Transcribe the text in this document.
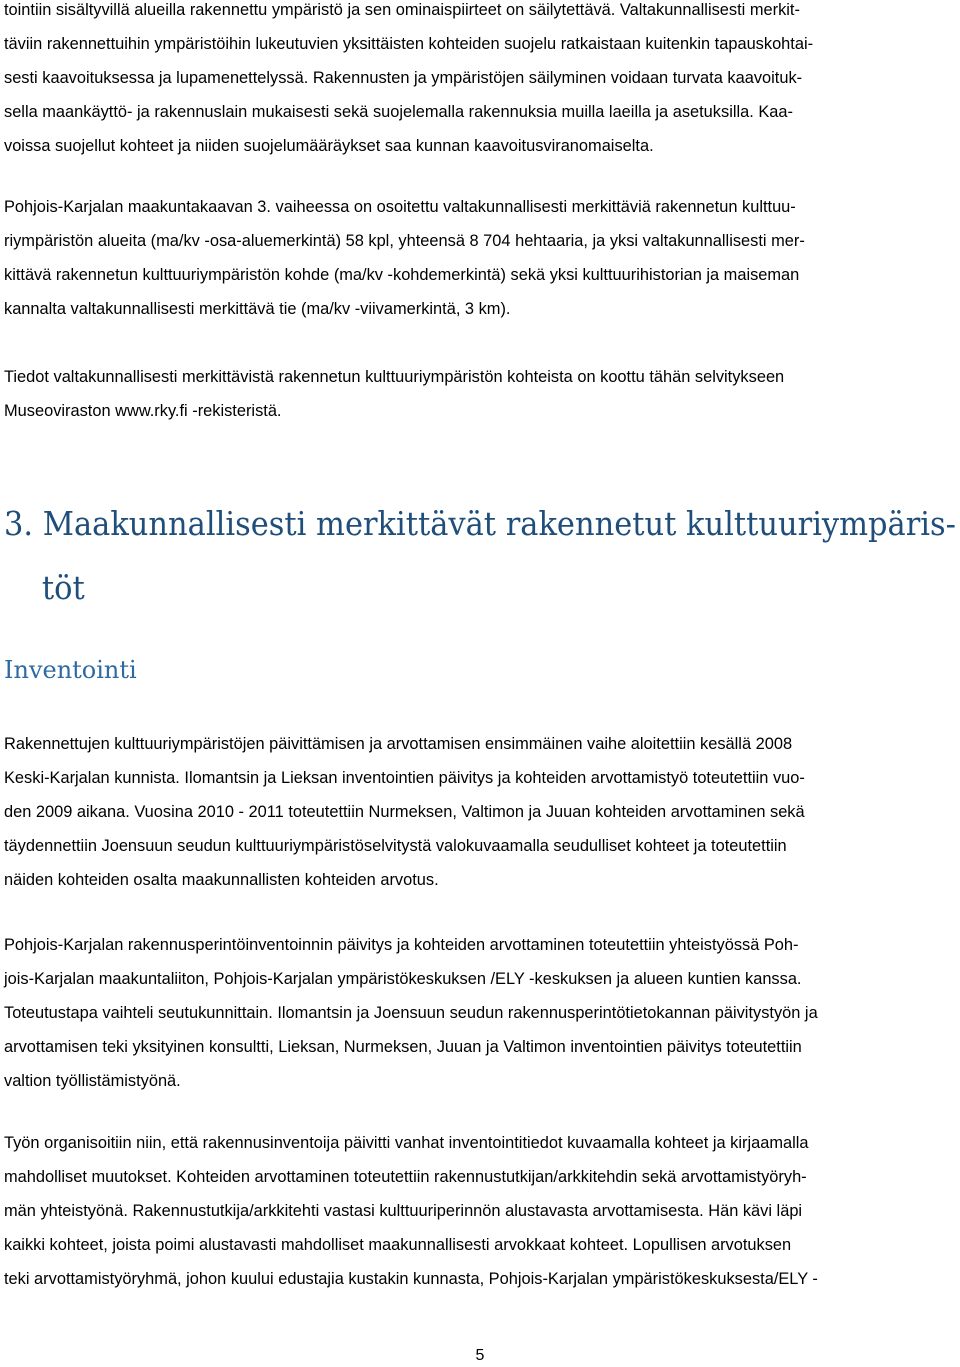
tointiin sisältyvillä alueilla rakennettu ympäristö ja sen ominaispiirteet on säilytettävä. Valtakunnallisesti merkit-
täviin rakennettuihin ympäristöihin lukeutuvien yksittäisten kohteiden suojelu ratkaistaan kuitenkin tapauskohtai-
sesti kaavoituksessa ja lupamenettelyssä. Rakennusten ja ympäristöjen säilyminen voidaan turvata kaavoituk-
sella maankäyttö- ja rakennuslain mukaisesti sekä suojelemalla rakennuksia muilla laeilla ja asetuksilla. Kaa-
voissa suojellut kohteet ja niiden suojelumääräykset saa kunnan kaavoitusviranomaiselta.

Pohjois-Karjalan maakuntakaavan 3. vaiheessa on osoitettu valtakunnallisesti merkittäviä rakennetun kulttuu-
riympäristön alueita (ma/kv -osa-aluemerkintä) 58 kpl, yhteensä 8 704 hehtaaria, ja yksi valtakunnallisesti mer-
kittävä rakennetun kulttuuriympäristön kohde (ma/kv -kohdemerkintä) sekä yksi kulttuurihistorian ja maiseman
kannalta valtakunnallisesti merkittävä tie (ma/kv -viivamerkintä, 3 km).

Tiedot valtakunnallisesti merkittävistä rakennetun kulttuuriympäristön kohteista on koottu tähän selvitykseen
Museoviraston www.rky.fi -rekisteristä.

3. Maakunnallisesti merkittävät rakennetut kulttuuriympäris-
töt
Inventointi

Rakennettujen kulttuuriympäristöjen päivittämisen ja arvottamisen ensimmäinen vaihe aloitettiin kesällä 2008
Keski-Karjalan kunnista. Ilomantsin ja Lieksan inventointien päivitys ja kohteiden arvottamistyö toteutettiin vuo-
den 2009 aikana. Vuosina 2010 - 2011 toteutettiin Nurmeksen, Valtimon ja Juuan kohteiden arvottaminen sekä
täydennettiin Joensuun seudun kulttuuriympäristöselvitystä valokuvaamalla seudulliset kohteet ja toteutettiin
näiden kohteiden osalta maakunnallisten kohteiden arvotus.

Pohjois-Karjalan rakennusperintöinventoinnin päivitys ja kohteiden arvottaminen toteutettiin yhteistyössä Poh-
jois-Karjalan maakuntaliiton, Pohjois-Karjalan ympäristökeskuksen /ELY -keskuksen ja alueen kuntien kanssa.
Toteutustapa vaihteli seutukunnittain. Ilomantsin ja Joensuun seudun rakennusperintötietokannan päivitystyön ja
arvottamisen teki yksityinen konsultti, Lieksan, Nurmeksen, Juuan ja Valtimon inventointien päivitys toteutettiin
valtion työllistämistyönä.

Työn organisoitiin niin, että rakennusinventoija päivitti vanhat inventointitiedot kuvaamalla kohteet ja kirjaamalla
mahdolliset muutokset. Kohteiden arvottaminen toteutettiin rakennustutkijan/arkkitehdin sekä arvottamistyöryh-
män yhteistyönä. Rakennustutkija/arkkitehti vastasi kulttuuriperinnön alustavasta arvottamisesta. Hän kävi läpi
kaikki kohteet, joista poimi alustavasti mahdolliset maakunnallisesti arvokkaat kohteet. Lopullisen arvotuksen
teki arvottamistyöryhmä, johon kuului edustajia kustakin kunnasta, Pohjois-Karjalan ympäristökeskuksesta/ELY -

5
